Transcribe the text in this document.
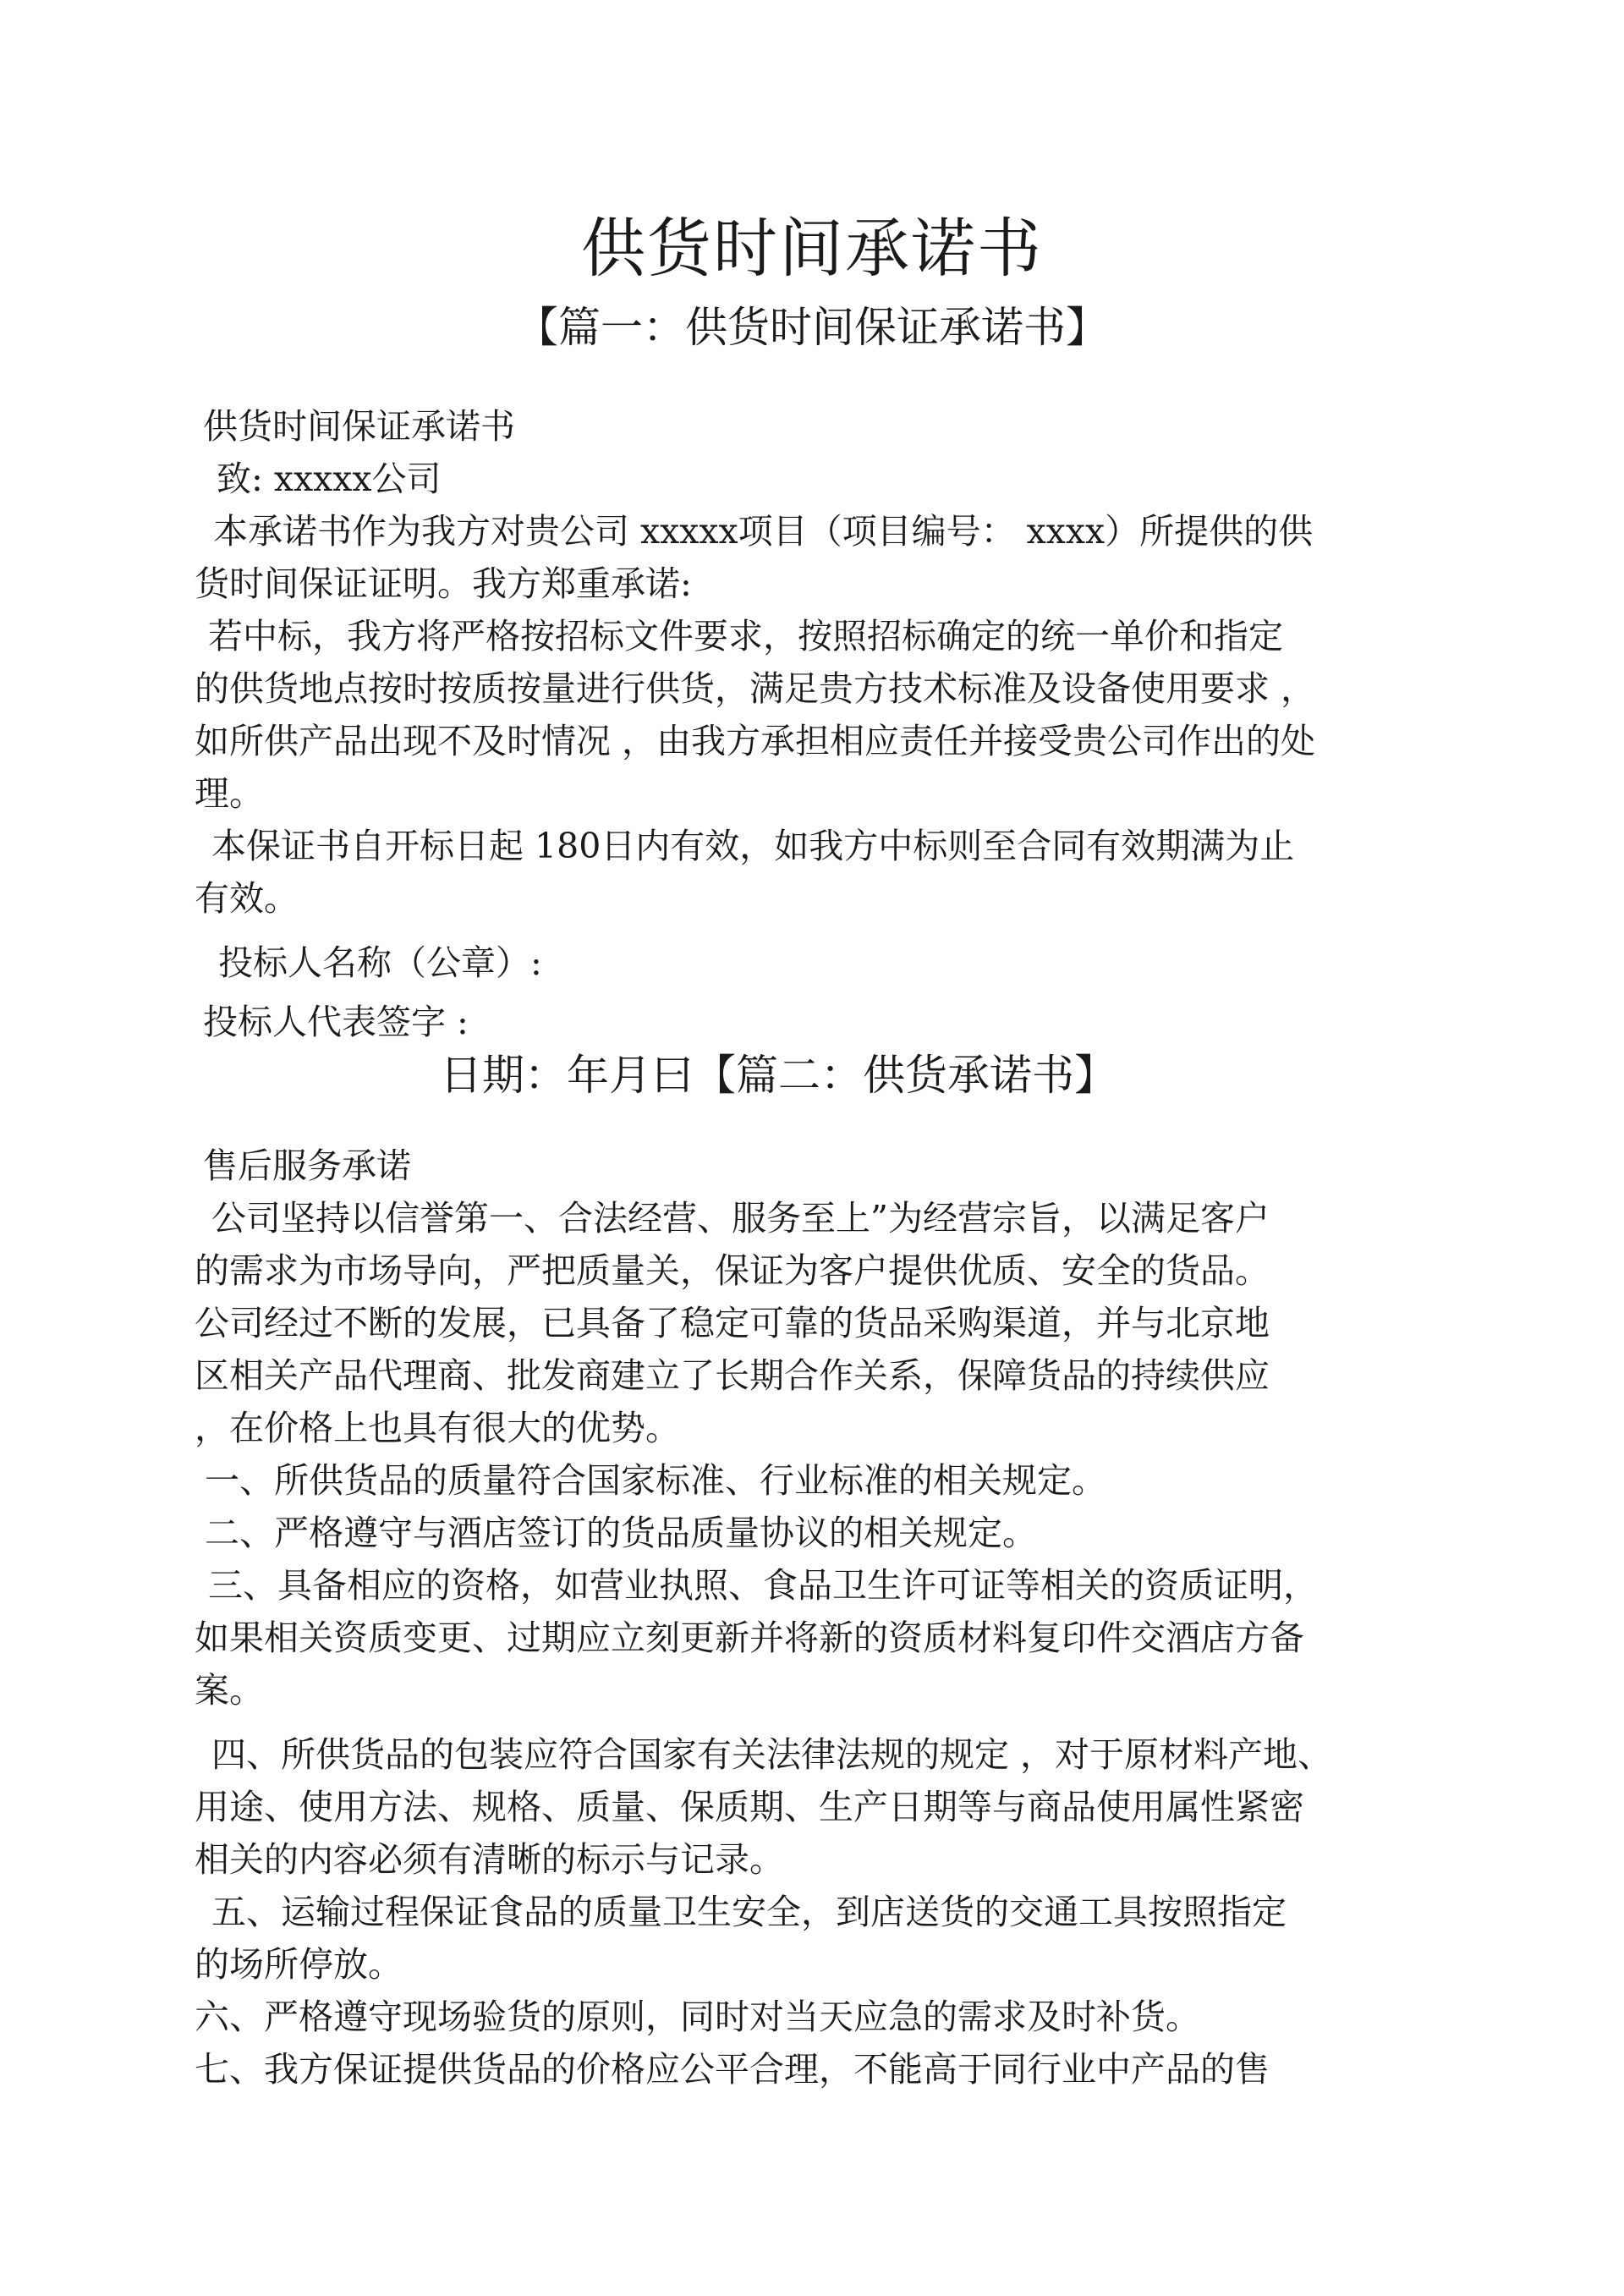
供货时间承诺书
【篇一：供货时间保证承诺书】
供货时间保证承诺书
致: xxxxx公司
本承诺书作为我方对贵公司 xxxxx项目（项目编号： xxxx）所提供的供
货时间保证证明。我方郑重承诺:
若中标，我方将严格按招标文件要求，按照招标确定的统一单价和指定
的供货地点按时按质按量进行供货，满足贵方技术标准及设备使用要求 ，
如所供产品出现不及时情况 ，由我方承担相应责任并接受贵公司作出的处
理。
本保证书自开标日起 180日内有效，如我方中标则至合同有效期满为止
有效。
投标人名称（公章）:
投标人代表签字 :
日期：年月曰【篇二：供货承诺书】
售后服务承诺
公司坚持以信誉第一、合法经营、服务至上”为经营宗旨，以满足客户
的需求为市场导向，严把质量关，保证为客户提供优质、安全的货品。
公司经过不断的发展，已具备了稳定可靠的货品采购渠道，并与北京地
区相关产品代理商、批发商建立了长期合作关系，保障货品的持续供应
，在价格上也具有很大的优势。
一、所供货品的质量符合国家标准、行业标准的相关规定。
二、严格遵守与酒店签订的货品质量协议的相关规定。
三、具备相应的资格，如营业执照、食品卫生许可证等相关的资质证明，
如果相关资质变更、过期应立刻更新并将新的资质材料复印件交酒店方备
案。
四、所供货品的包装应符合国家有关法律法规的规定 ，对于原材料产地、
用途、使用方法、规格、质量、保质期、生产日期等与商品使用属性紧密
相关的内容必须有清晰的标示与记录。
五、运输过程保证食品的质量卫生安全，到店送货的交通工具按照指定
的场所停放。
六、严格遵守现场验货的原则，同时对当天应急的需求及时补货。
七、我方保证提供货品的价格应公平合理，不能高于同行业中产品的售
